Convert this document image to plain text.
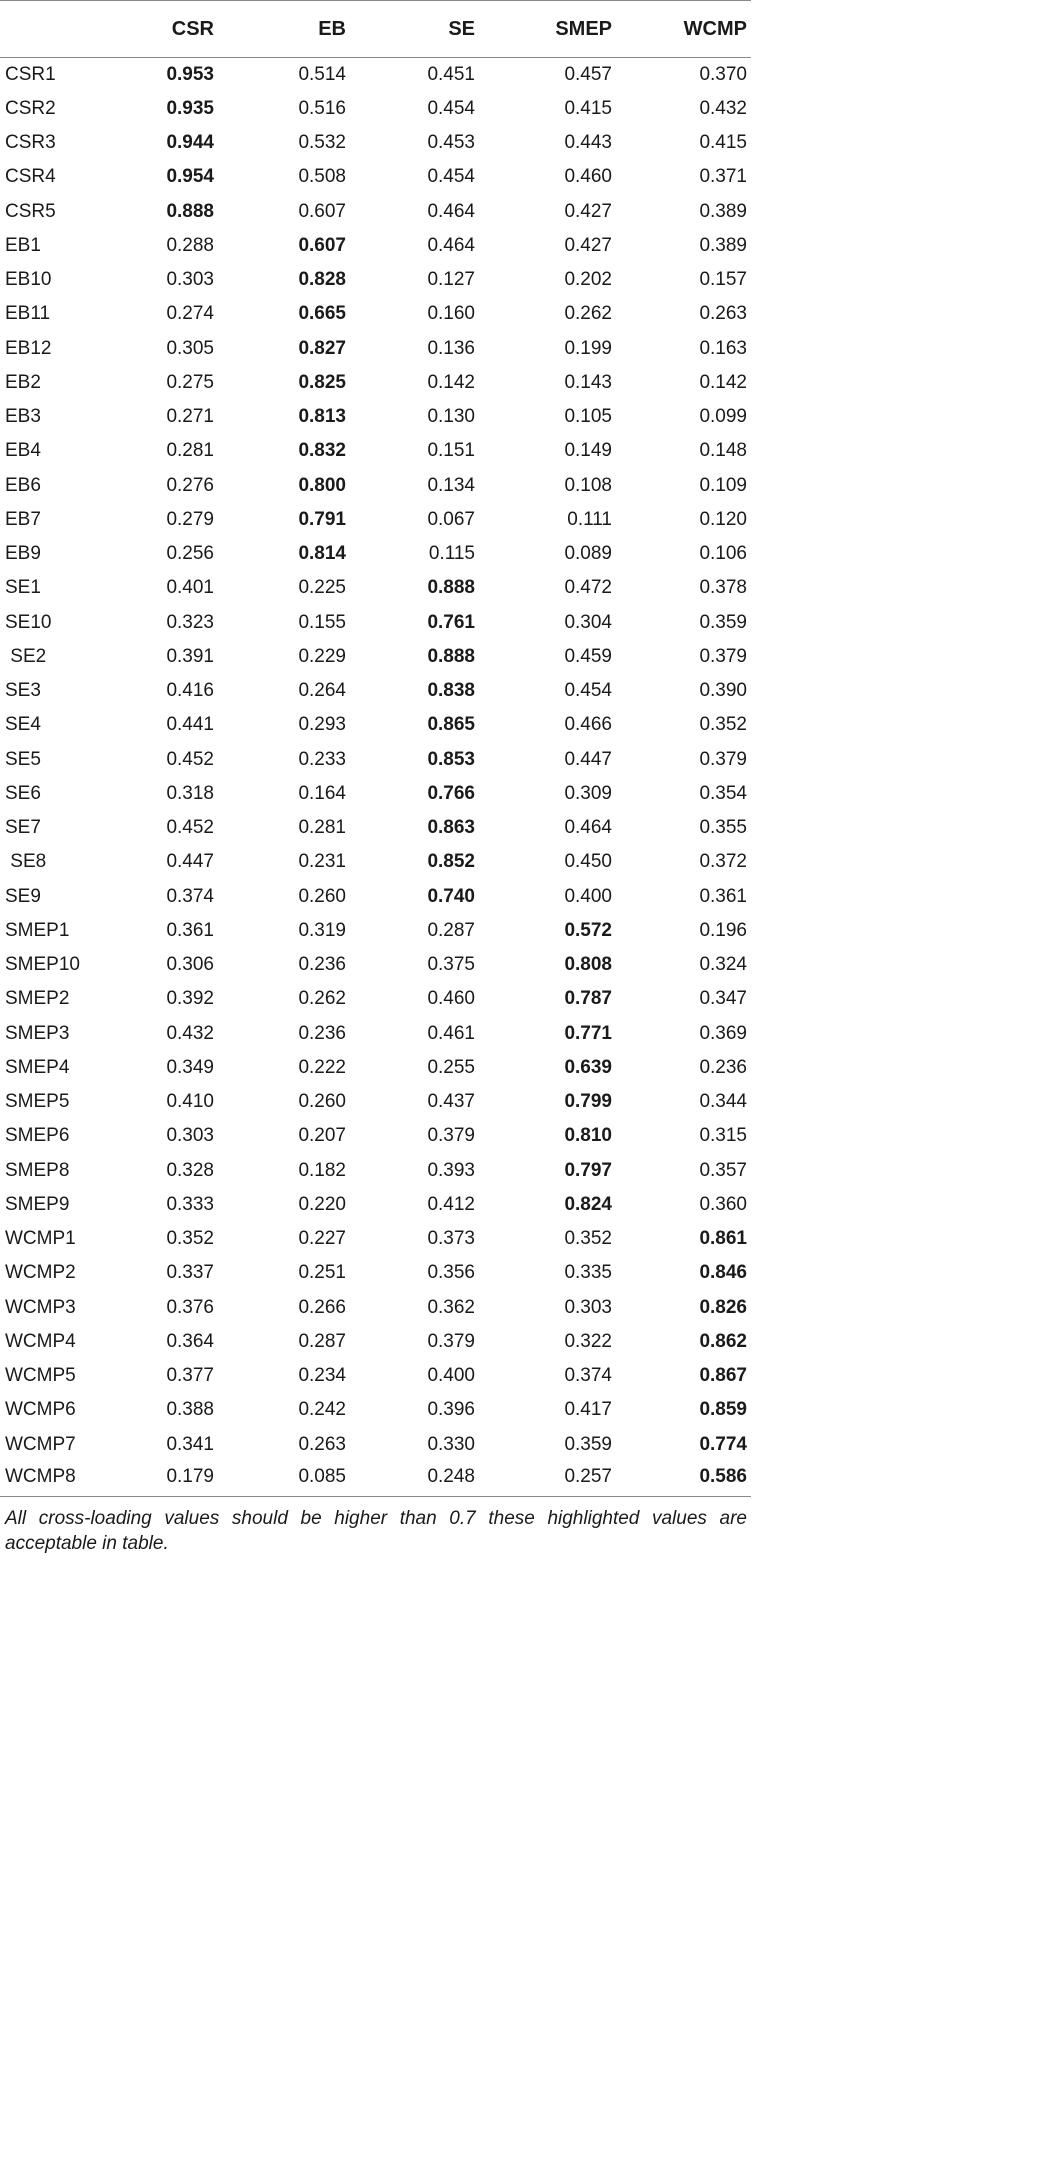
	CSR	EB	SE	SMEP	WCMP
CSR1	0.953	0.514	0.451	0.457	0.370
CSR2	0.935	0.516	0.454	0.415	0.432
CSR3	0.944	0.532	0.453	0.443	0.415
CSR4	0.954	0.508	0.454	0.460	0.371
CSR5	0.888	0.607	0.464	0.427	0.389
EB1	0.288	0.607	0.464	0.427	0.389
EB10	0.303	0.828	0.127	0.202	0.157
EB11	0.274	0.665	0.160	0.262	0.263
EB12	0.305	0.827	0.136	0.199	0.163
EB2	0.275	0.825	0.142	0.143	0.142
EB3	0.271	0.813	0.130	0.105	0.099
EB4	0.281	0.832	0.151	0.149	0.148
EB6	0.276	0.800	0.134	0.108	0.109
EB7	0.279	0.791	0.067	0.111	0.120
EB9	0.256	0.814	0.115	0.089	0.106
SE1	0.401	0.225	0.888	0.472	0.378
SE10	0.323	0.155	0.761	0.304	0.359
SE2	0.391	0.229	0.888	0.459	0.379
SE3	0.416	0.264	0.838	0.454	0.390
SE4	0.441	0.293	0.865	0.466	0.352
SE5	0.452	0.233	0.853	0.447	0.379
SE6	0.318	0.164	0.766	0.309	0.354
SE7	0.452	0.281	0.863	0.464	0.355
SE8	0.447	0.231	0.852	0.450	0.372
SE9	0.374	0.260	0.740	0.400	0.361
SMEP1	0.361	0.319	0.287	0.572	0.196
SMEP10	0.306	0.236	0.375	0.808	0.324
SMEP2	0.392	0.262	0.460	0.787	0.347
SMEP3	0.432	0.236	0.461	0.771	0.369
SMEP4	0.349	0.222	0.255	0.639	0.236
SMEP5	0.410	0.260	0.437	0.799	0.344
SMEP6	0.303	0.207	0.379	0.810	0.315
SMEP8	0.328	0.182	0.393	0.797	0.357
SMEP9	0.333	0.220	0.412	0.824	0.360
WCMP1	0.352	0.227	0.373	0.352	0.861
WCMP2	0.337	0.251	0.356	0.335	0.846
WCMP3	0.376	0.266	0.362	0.303	0.826
WCMP4	0.364	0.287	0.379	0.322	0.862
WCMP5	0.377	0.234	0.400	0.374	0.867
WCMP6	0.388	0.242	0.396	0.417	0.859
WCMP7	0.341	0.263	0.330	0.359	0.774
WCMP8	0.179	0.085	0.248	0.257	0.586

All cross-loading values should be higher than 0.7 these highlighted values are acceptable in table.
